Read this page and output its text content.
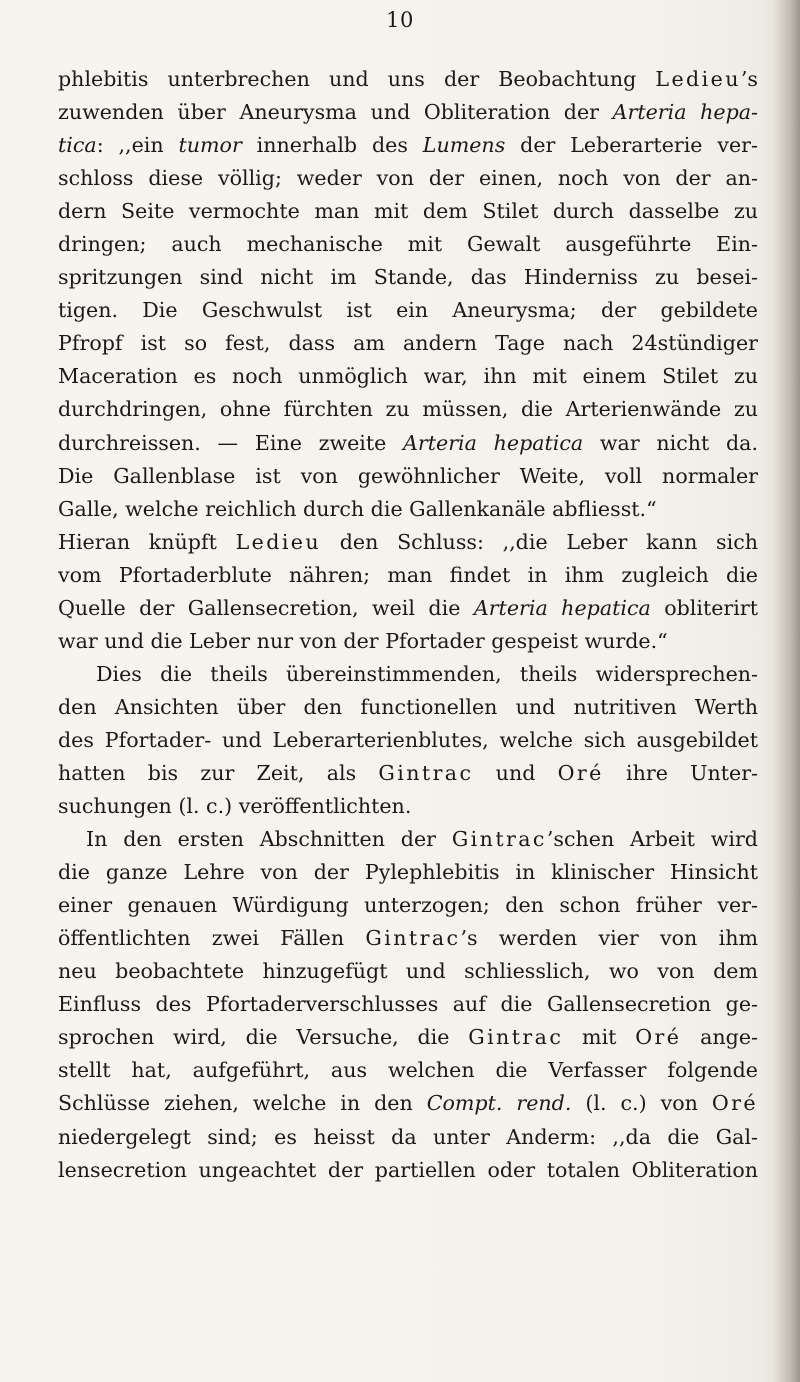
10
phlebitis unterbrechen und uns der Beobachtung Ledieu’s
zuwenden über Aneurysma und Obliteration der Arteria hepa-
tica: ,,ein tumor innerhalb des Lumens der Leberarterie ver-
schloss diese völlig; weder von der einen, noch von der an-
dern Seite vermochte man mit dem Stilet durch dasselbe zu
dringen; auch mechanische mit Gewalt ausgeführte Ein-
spritzungen sind nicht im Stande, das Hinderniss zu besei-
tigen. Die Geschwulst ist ein Aneurysma; der gebildete
Pfropf ist so fest, dass am andern Tage nach 24stündiger
Maceration es noch unmöglich war, ihn mit einem Stilet zu
durchdringen, ohne fürchten zu müssen, die Arterienwände zu
durchreissen. — Eine zweite Arteria hepatica war nicht da.
Die Gallenblase ist von gewöhnlicher Weite, voll normaler
Galle, welche reichlich durch die Gallenkanäle abfliesst.“
Hieran knüpft Ledieu den Schluss: ,,die Leber kann sich
vom Pfortaderblute nähren; man findet in ihm zugleich die
Quelle der Gallensecretion, weil die Arteria hepatica obliterirt
war und die Leber nur von der Pfortader gespeist wurde.“
Dies die theils übereinstimmenden, theils widersprechen-
den Ansichten über den functionellen und nutritiven Werth
des Pfortader- und Leberarterienblutes, welche sich ausgebildet
hatten bis zur Zeit, als Gintrac und Oré ihre Unter-
suchungen (l. c.) veröffentlichten.
In den ersten Abschnitten der Gintrac’schen Arbeit wird
die ganze Lehre von der Pylephlebitis in klinischer Hinsicht
einer genauen Würdigung unterzogen; den schon früher ver-
öffentlichten zwei Fällen Gintrac’s werden vier von ihm
neu beobachtete hinzugefügt und schliesslich, wo von dem
Einfluss des Pfortaderverschlusses auf die Gallensecretion ge-
sprochen wird, die Versuche, die Gintrac mit Oré ange-
stellt hat, aufgeführt, aus welchen die Verfasser folgende
Schlüsse ziehen, welche in den Compt. rend. (l. c.) von Oré
niedergelegt sind; es heisst da unter Anderm: ,,da die Gal-
lensecretion ungeachtet der partiellen oder totalen Obliteration
